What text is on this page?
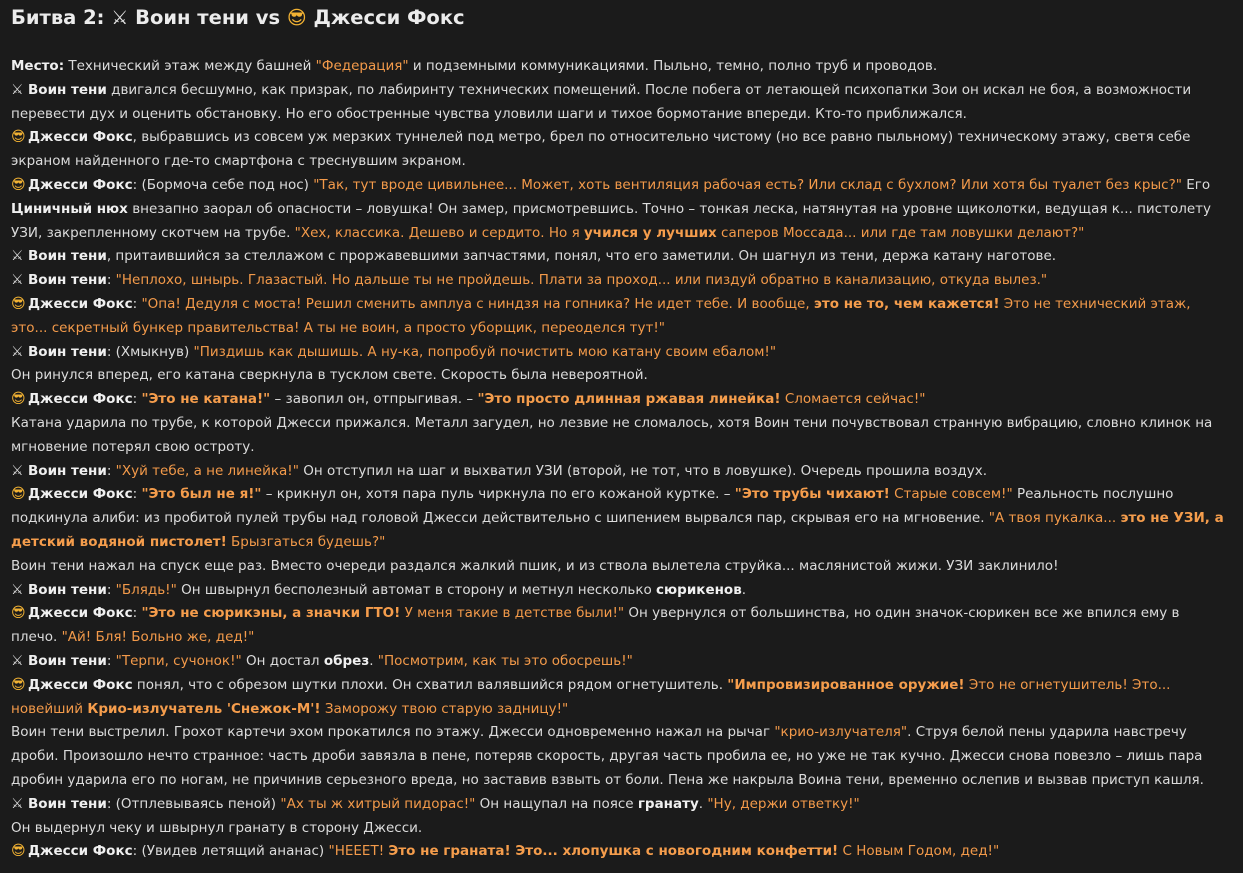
Битва 2: ⚔ Воин тени vs 😎 Джесси Фокс

Место: Технический этаж между башней "Федерация" и подземными коммуникациями. Пыльно, темно, полно труб и проводов.

⚔ Воин тени двигался бесшумно, как призрак, по лабиринту технических помещений. После побега от летающей психопатки Зои он искал не боя, а возможности перевести дух и оценить обстановку. Но его обостренные чувства уловили шаги и тихое бормотание впереди. Кто-то приближался.

😎 Джесси Фокс, выбравшись из совсем уж мерзких туннелей под метро, брел по относительно чистому (но все равно пыльному) техническому этажу, светя себе экраном найденного где-то смартфона с треснувшим экраном.

😎 Джесси Фокс: (Бормоча себе под нос) "Так, тут вроде цивильнее... Может, хоть вентиляция рабочая есть? Или склад с бухлом? Или хотя бы туалет без крыс?" Его Циничный нюх внезапно заорал об опасности – ловушка! Он замер, присмотревшись. Точно – тонкая леска, натянутая на уровне щиколотки, ведущая к... пистолету УЗИ, закрепленному скотчем на трубе. "Хех, классика. Дешево и сердито. Но я учился у лучших саперов Моссада... или где там ловушки делают?"

⚔ Воин тени, притаившийся за стеллажом с проржавевшими запчастями, понял, что его заметили. Он шагнул из тени, держа катану наготове.

⚔ Воин тени: "Неплохо, шнырь. Глазастый. Но дальше ты не пройдешь. Плати за проход... или пиздуй обратно в канализацию, откуда вылез."

😎 Джесси Фокс: "Опа! Дедуля с моста! Решил сменить амплуа с ниндзя на гопника? Не идет тебе. И вообще, это не то, чем кажется! Это не технический этаж, это... секретный бункер правительства! А ты не воин, а просто уборщик, переоделся тут!"

⚔ Воин тени: (Хмыкнув) "Пиздишь как дышишь. А ну-ка, попробуй почистить мою катану своим ебалом!"

Он ринулся вперед, его катана сверкнула в тусклом свете. Скорость была невероятной.

😎 Джесси Фокс: "Это не катана!" – завопил он, отпрыгивая. – "Это просто длинная ржавая линейка! Сломается сейчас!"

Катана ударила по трубе, к которой Джесси прижался. Металл загудел, но лезвие не сломалось, хотя Воин тени почувствовал странную вибрацию, словно клинок на мгновение потерял свою остроту.

⚔ Воин тени: "Хуй тебе, а не линейка!" Он отступил на шаг и выхватил УЗИ (второй, не тот, что в ловушке). Очередь прошила воздух.

😎 Джесси Фокс: "Это был не я!" – крикнул он, хотя пара пуль чиркнула по его кожаной куртке. – "Это трубы чихают! Старые совсем!" Реальность послушно подкинула алиби: из пробитой пулей трубы над головой Джесси действительно с шипением вырвался пар, скрывая его на мгновение. "А твоя пукалка... это не УЗИ, а детский водяной пистолет! Брызгаться будешь?"

Воин тени нажал на спуск еще раз. Вместо очереди раздался жалкий пшик, и из ствола вылетела струйка... маслянистой жижи. УЗИ заклинило!

⚔ Воин тени: "Блядь!" Он швырнул бесполезный автомат в сторону и метнул несколько сюрикенов.

😎 Джесси Фокс: "Это не сюрикэны, а значки ГТО! У меня такие в детстве были!" Он увернулся от большинства, но один значок-сюрикен все же впился ему в плечо. "Ай! Бля! Больно же, дед!"

⚔ Воин тени: "Терпи, сучонок!" Он достал обрез. "Посмотрим, как ты это обосрешь!"

😎 Джесси Фокс понял, что с обрезом шутки плохи. Он схватил валявшийся рядом огнетушитель. "Импровизированное оружие! Это не огнетушитель! Это... новейший Крио-излучатель 'Снежок-М'! Заморожу твою старую задницу!"

Воин тени выстрелил. Грохот картечи эхом прокатился по этажу. Джесси одновременно нажал на рычаг "крио-излучателя". Струя белой пены ударила навстречу дроби. Произошло нечто странное: часть дроби завязла в пене, потеряв скорость, другая часть пробила ее, но уже не так кучно. Джесси снова повезло – лишь пара дробин ударила его по ногам, не причинив серьезного вреда, но заставив взвыть от боли. Пена же накрыла Воина тени, временно ослепив и вызвав приступ кашля.

⚔ Воин тени: (Отплевываясь пеной) "Ах ты ж хитрый пидорас!" Он нащупал на поясе гранату. "Ну, держи ответку!"

Он выдернул чеку и швырнул гранату в сторону Джесси.

😎 Джесси Фокс: (Увидев летящий ананас) "НЕЕЕТ! Это не граната! Это... хлопушка с новогодним конфетти! С Новым Годом, дед!"
